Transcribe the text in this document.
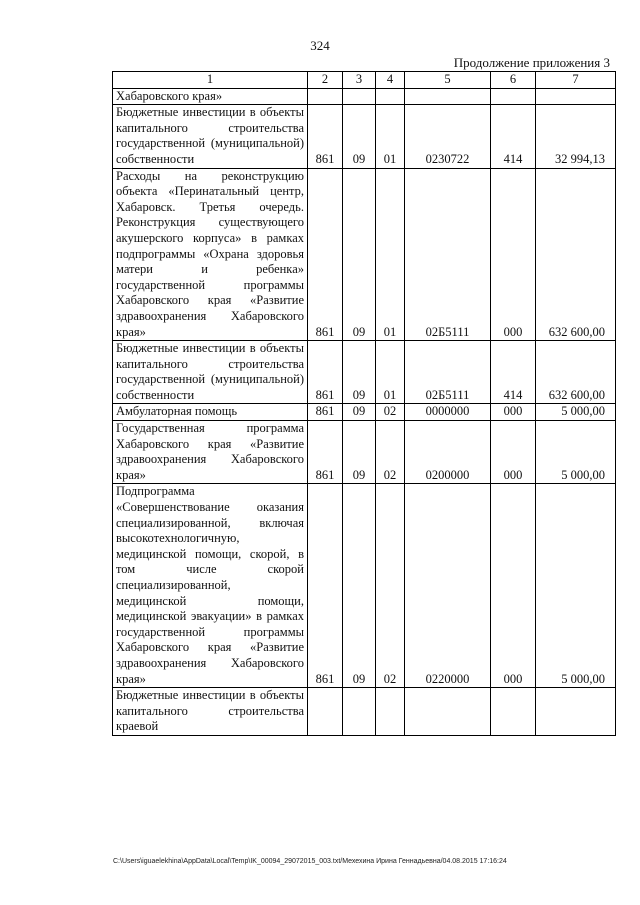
324
Продолжение приложения 3
1	2	3	4	5	6	7
Хабаровского края»						
Бюджетные инвестиции в объекты капитального строительства государственной (муниципальной) собственности	861	09	01	0230722	414	32 994,13
Расходы на реконструкцию объекта «Перинатальный центр, Хабаровск. Третья очередь. Реконструкция существующего акушерского корпуса» в рамках подпрограммы «Охрана здоровья матери и ребенка» государственной программы Хабаровского края «Развитие здравоохранения Хабаровского края»	861	09	01	02Б5111	000	632 600,00
Бюджетные инвестиции в объекты капитального строительства государственной (муниципальной) собственности	861	09	01	02Б5111	414	632 600,00
Амбулаторная помощь	861	09	02	0000000	000	5 000,00
Государственная программа Хабаровского края «Развитие здравоохранения Хабаровского края»	861	09	02	0200000	000	5 000,00
Подпрограмма «Совершенствование оказания специализированной, включая высокотехнологичную, медицинской помощи, скорой, в том числе скорой специализированной, медицинской помощи, медицинской эвакуации» в рамках государственной программы Хабаровского края «Развитие здравоохранения Хабаровского края»	861	09	02	0220000	000	5 000,00
Бюджетные инвестиции в объекты капитального строительства краевой						
C:\Users\iguaelekhina\AppData\Local\Temp\IK_00094_29072015_003.txt/Мехехина Ирина Геннадьевна/04.08.2015 17:16:24
